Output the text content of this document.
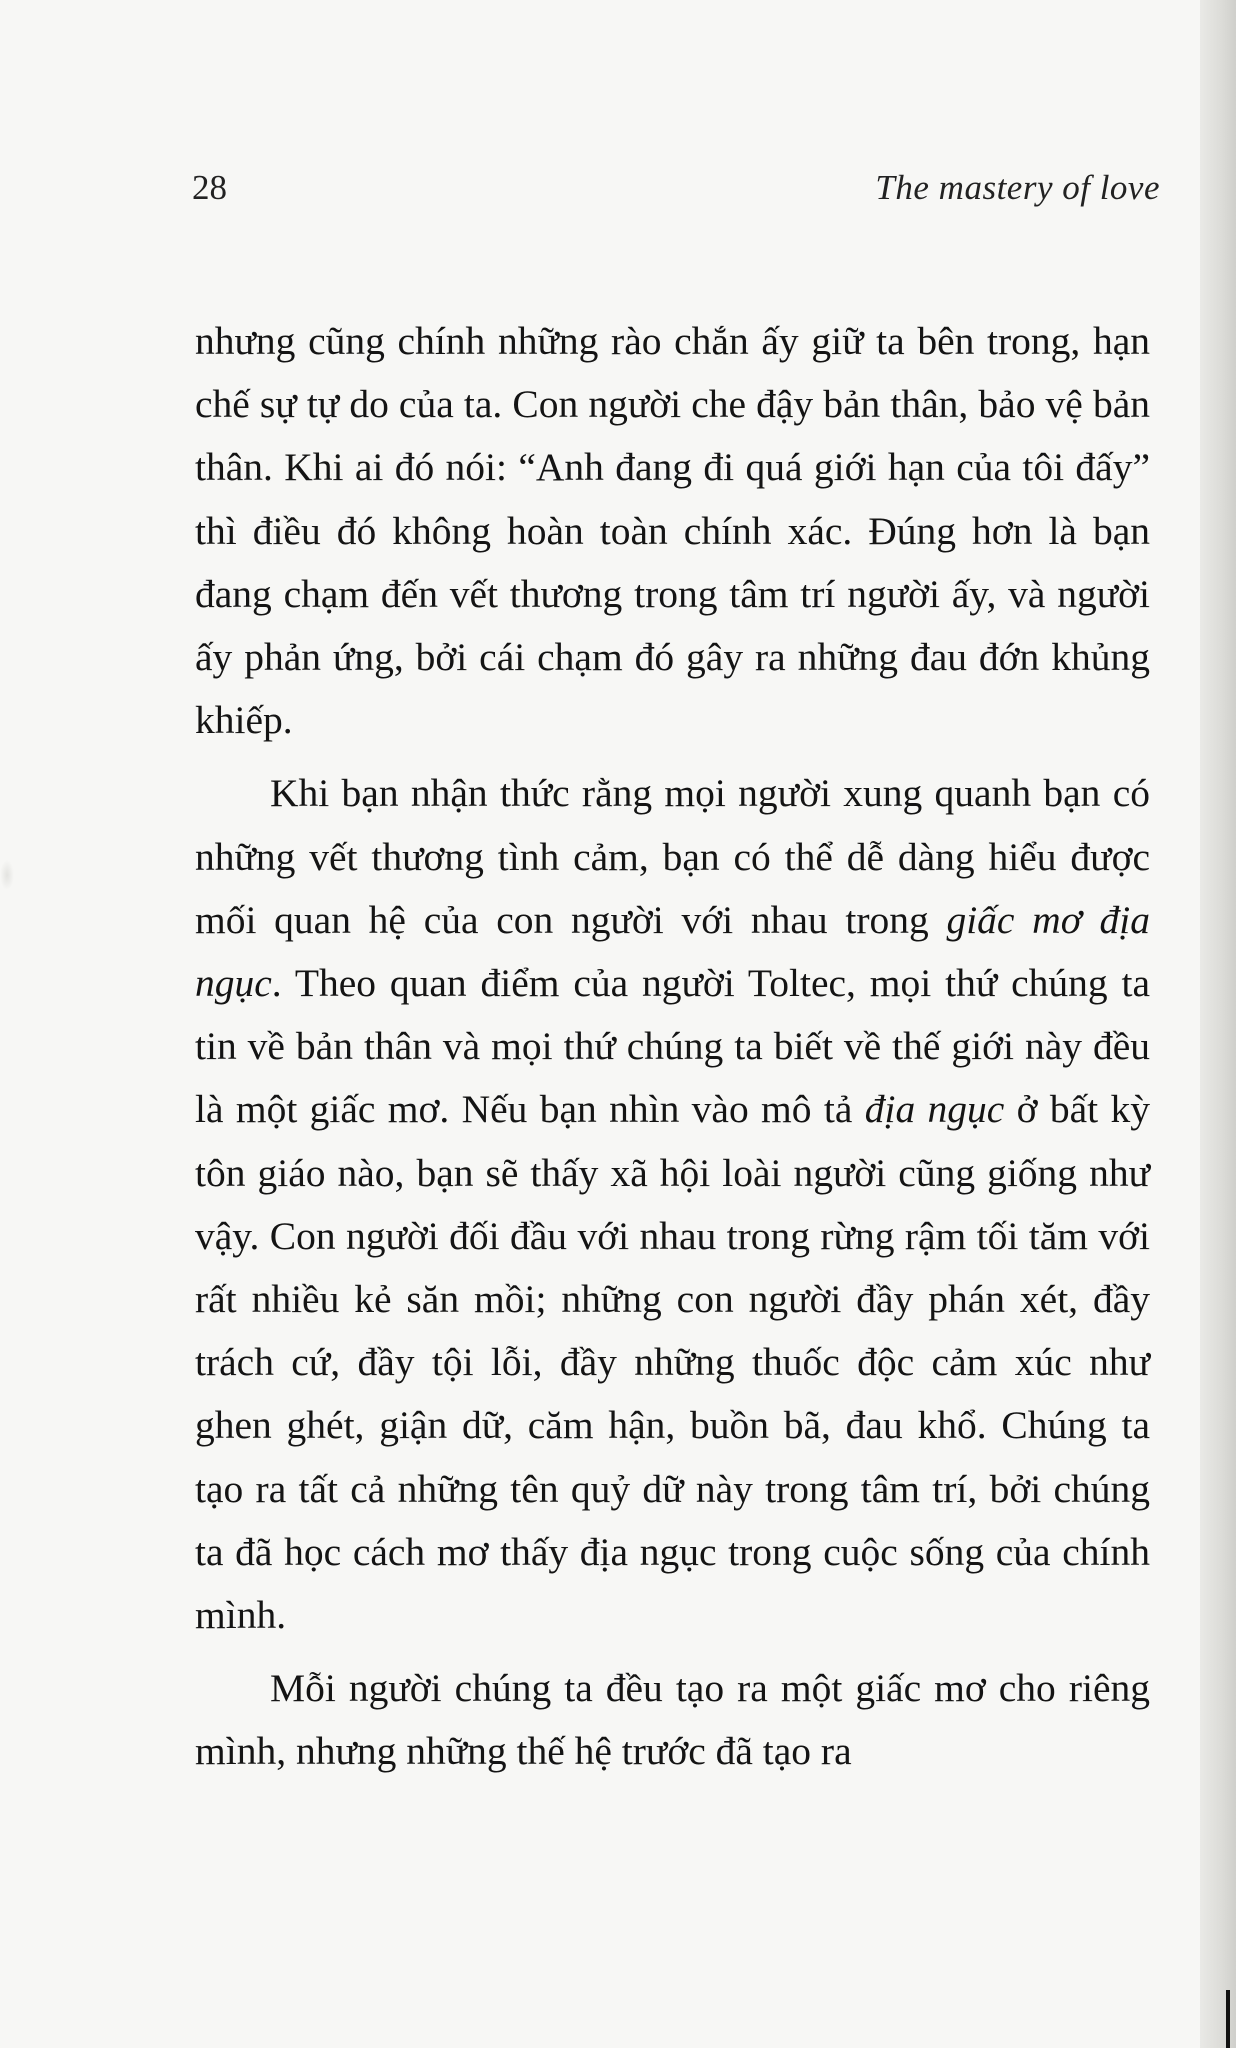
28	The mastery of love

nhưng cũng chính những rào chắn ấy giữ ta bên trong, hạn chế sự tự do của ta. Con người che đậy bản thân, bảo vệ bản thân. Khi ai đó nói: “Anh đang đi quá giới hạn của tôi đấy” thì điều đó không hoàn toàn chính xác. Đúng hơn là bạn đang chạm đến vết thương trong tâm trí người ấy, và người ấy phản ứng, bởi cái chạm đó gây ra những đau đớn khủng khiếp.

Khi bạn nhận thức rằng mọi người xung quanh bạn có những vết thương tình cảm, bạn có thể dễ dàng hiểu được mối quan hệ của con người với nhau trong giấc mơ địa ngục. Theo quan điểm của người Toltec, mọi thứ chúng ta tin về bản thân và mọi thứ chúng ta biết về thế giới này đều là một giấc mơ. Nếu bạn nhìn vào mô tả địa ngục ở bất kỳ tôn giáo nào, bạn sẽ thấy xã hội loài người cũng giống như vậy. Con người đối đầu với nhau trong rừng rậm tối tăm với rất nhiều kẻ săn mồi; những con người đầy phán xét, đầy trách cứ, đầy tội lỗi, đầy những thuốc độc cảm xúc như ghen ghét, giận dữ, căm hận, buồn bã, đau khổ. Chúng ta tạo ra tất cả những tên quỷ dữ này trong tâm trí, bởi chúng ta đã học cách mơ thấy địa ngục trong cuộc sống của chính mình.

Mỗi người chúng ta đều tạo ra một giấc mơ cho riêng mình, nhưng những thế hệ trước đã tạo ra
